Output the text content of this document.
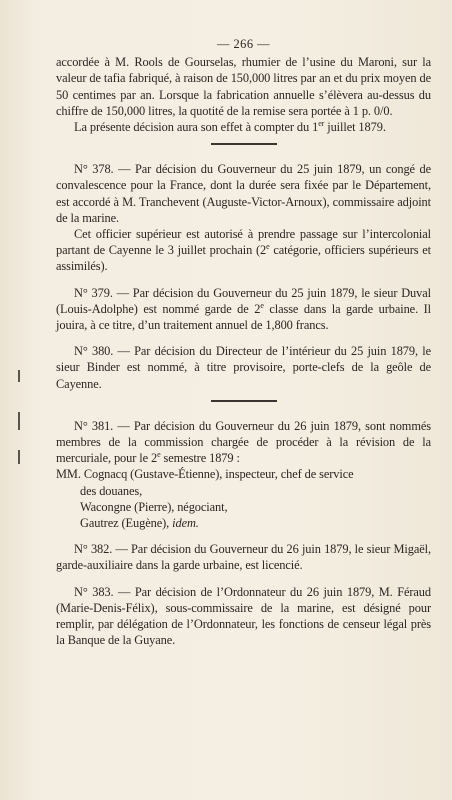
— 266 —

accordée à M. Rools de Gourselas, rhumier de l’usine du Maroni, sur la valeur de tafia fabriqué, à raison de 150,000 litres par an et du prix moyen de 50 centimes par an. Lorsque la fabrication annuelle s’élèvera au-dessus du chiffre de 150,000 litres, la quotité de la remise sera portée à 1 p. 0/0.

La présente décision aura son effet à compter du 1er juillet 1879.

N° 378. — Par décision du Gouverneur du 25 juin 1879, un congé de convalescence pour la France, dont la durée sera fixée par le Département, est accordé à M. Tranchevent (Auguste-Victor-Arnoux), commissaire adjoint de la marine.

Cet officier supérieur est autorisé à prendre passage sur l’intercolonial partant de Cayenne le 3 juillet prochain (2e catégorie, officiers supérieurs et assimilés).

N° 379. — Par décision du Gouverneur du 25 juin 1879, le sieur Duval (Louis-Adolphe) est nommé garde de 2e classe dans la garde urbaine. Il jouira, à ce titre, d’un traitement annuel de 1,800 francs.

N° 380. — Par décision du Directeur de l’intérieur du 25 juin 1879, le sieur Binder est nommé, à titre provisoire, porte-clefs de la geôle de Cayenne.

N° 381. — Par décision du Gouverneur du 26 juin 1879, sont nommés membres de la commission chargée de procéder à la révision de la mercuriale, pour le 2e semestre 1879 :

MM. Cognacq (Gustave-Étienne), inspecteur, chef de service

des douanes,

Wacongne (Pierre), négociant,

Gautrez (Eugène), idem.

N° 382. — Par décision du Gouverneur du 26 juin 1879, le sieur Migaël, garde-auxiliaire dans la garde urbaine, est licencié.

N° 383. — Par décision de l’Ordonnateur du 26 juin 1879, M. Féraud (Marie-Denis-Félix), sous-commissaire de la marine, est désigné pour remplir, par délégation de l’Ordonnateur, les fonctions de censeur légal près la Banque de la Guyane.
